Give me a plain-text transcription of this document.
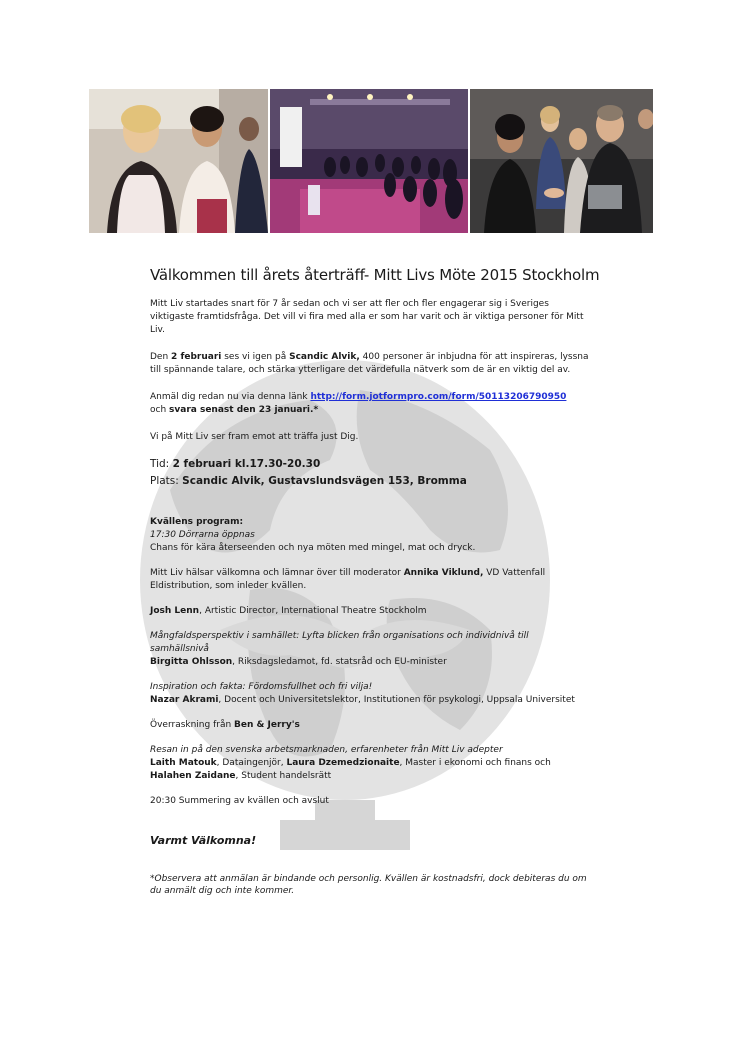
Välkommen till årets återträff- Mitt Livs Möte 2015 Stockholm

Mitt Liv startades snart för 7 år sedan och vi ser att fler och fler engagerar sig i Sveriges viktigaste framtidsfråga. Det vill vi fira med alla er som har varit och är viktiga personer för Mitt Liv.

Den 2 februari ses vi igen på Scandic Alvik, 400 personer är inbjudna för att inspireras, lyssna till spännande talare, och stärka ytterligare det värdefulla nätverk som de är en viktig del av.

Anmäl dig redan nu via denna länk http://form.jotformpro.com/form/50113206790950
och svara senast den 23 januari.*

Vi på Mitt Liv ser fram emot att träffa just Dig.

Tid: 2 februari kl.17.30-20.30

Plats: Scandic Alvik, Gustavslundsvägen 153, Bromma

Kvällens program:

17:30 Dörrarna öppnas

Chans för kära återseenden och nya möten med mingel, mat och dryck.

Mitt Liv hälsar välkomna och lämnar över till moderator Annika Viklund, VD Vattenfall Eldistribution, som inleder kvällen.

Josh Lenn, Artistic Director, International Theatre Stockholm

Mångfaldsperspektiv i samhället: Lyfta blicken från organisations och individnivå till samhällsnivå

Birgitta Ohlsson, Riksdagsledamot, fd. statsråd och EU-minister

Inspiration och fakta: Fördomsfullhet och fri vilja!

Nazar Akrami, Docent och Universitetslektor, Institutionen för psykologi, Uppsala Universitet

Överraskning från Ben & Jerry's

Resan in på den svenska arbetsmarknaden, erfarenheter från Mitt Liv adepter

Laith Matouk, Dataingenjör, Laura Dzemedzionaite, Master i ekonomi och finans och Halahen Zaidane, Student handelsrätt

20:30 Summering av kvällen och avslut

Varmt Välkomna!

*Observera att anmälan är bindande och personlig. Kvällen är kostnadsfri, dock debiteras du om du anmält dig och inte kommer.
